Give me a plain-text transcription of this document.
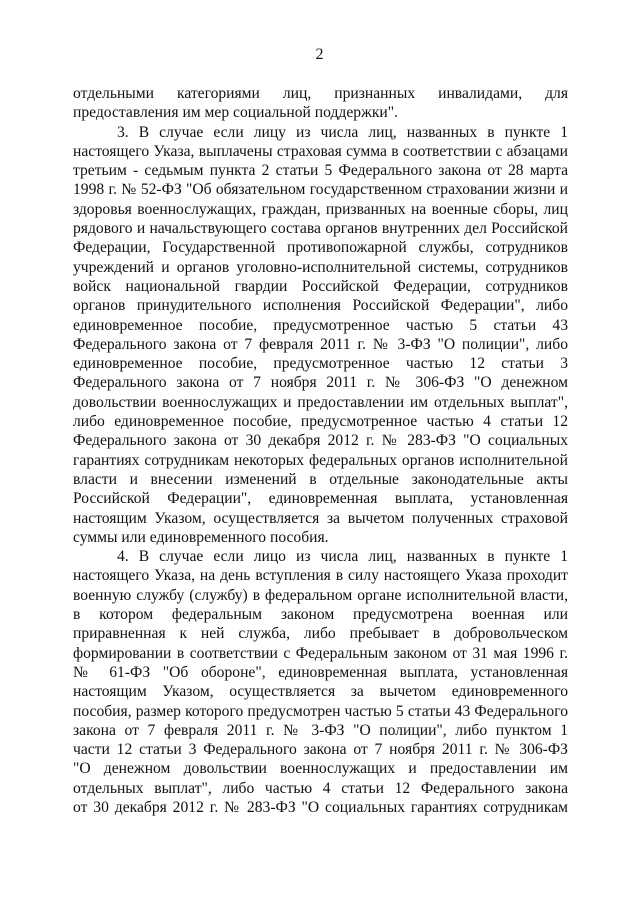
2
отдельными категориями лиц, признанных инвалидами, для
предоставления им мер социальной поддержки".
3. В случае если лицу из числа лиц, названных в пункте 1
настоящего Указа, выплачены страховая сумма в соответствии с абзацами
третьим - седьмым пункта 2 статьи 5 Федерального закона от 28 марта
1998 г. № 52-ФЗ "Об обязательном государственном страховании жизни и
здоровья военнослужащих, граждан, призванных на военные сборы, лиц
рядового и начальствующего состава органов внутренних дел Российской
Федерации, Государственной противопожарной службы, сотрудников
учреждений и органов уголовно-исполнительной системы, сотрудников
войск национальной гвардии Российской Федерации, сотрудников
органов принудительного исполнения Российской Федерации", либо
единовременное пособие, предусмотренное частью 5 статьи 43
Федерального закона от 7 февраля 2011 г. № 3-ФЗ "О полиции", либо
единовременное пособие, предусмотренное частью 12 статьи 3
Федерального закона от 7 ноября 2011 г. № 306-ФЗ "О денежном
довольствии военнослужащих и предоставлении им отдельных выплат",
либо единовременное пособие, предусмотренное частью 4 статьи 12
Федерального закона от 30 декабря 2012 г. № 283-ФЗ "О социальных
гарантиях сотрудникам некоторых федеральных органов исполнительной
власти и внесении изменений в отдельные законодательные акты
Российской Федерации", единовременная выплата, установленная
настоящим Указом, осуществляется за вычетом полученных страховой
суммы или единовременного пособия.
4. В случае если лицо из числа лиц, названных в пункте 1
настоящего Указа, на день вступления в силу настоящего Указа проходит
военную службу (службу) в федеральном органе исполнительной власти,
в котором федеральным законом предусмотрена военная или
приравненная к ней служба, либо пребывает в добровольческом
формировании в соответствии с Федеральным законом от 31 мая 1996 г.
№ 61-ФЗ "Об обороне", единовременная выплата, установленная
настоящим Указом, осуществляется за вычетом единовременного
пособия, размер которого предусмотрен частью 5 статьи 43 Федерального
закона от 7 февраля 2011 г. № 3-ФЗ "О полиции", либо пунктом 1
части 12 статьи 3 Федерального закона от 7 ноября 2011 г. № 306-ФЗ
"О денежном довольствии военнослужащих и предоставлении им
отдельных выплат", либо частью 4 статьи 12 Федерального закона
от 30 декабря 2012 г. № 283-ФЗ "О социальных гарантиях сотрудникам
